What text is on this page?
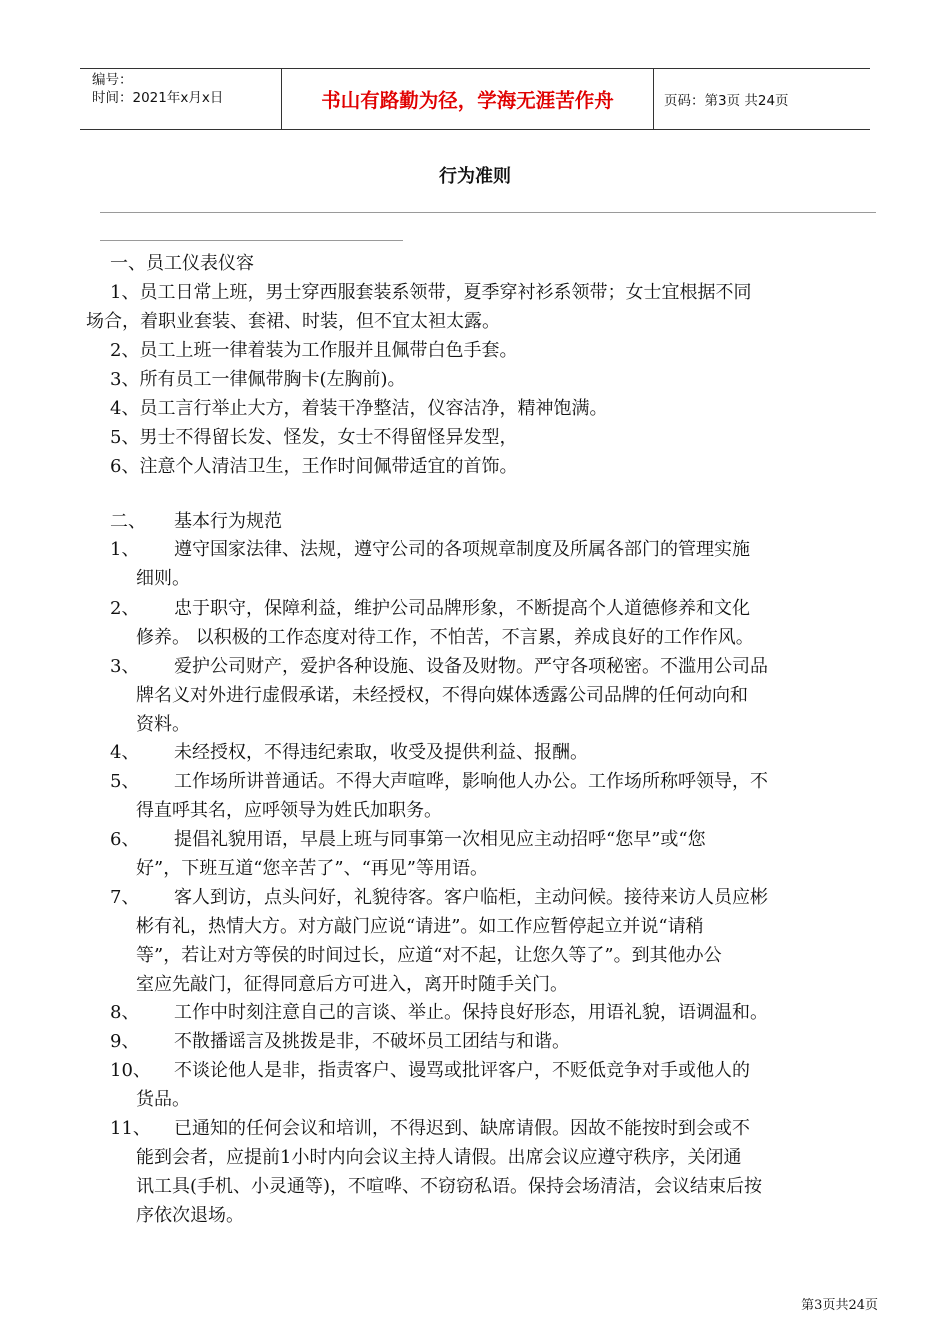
编号：
时间：2021年x月x日	书山有路勤为径，学海无涯苦作舟	页码：第3页 共24页
行为准则
一、员工仪表仪容
1、员工日常上班，男士穿西服套装系领带，夏季穿衬衫系领带；女士宜根据不同
场合，着职业套装、套裙、时装，但不宜太袒太露。
2、员工上班一律着装为工作服并且佩带白色手套。
3、所有员工一律佩带胸卡(左胸前)。
4、员工言行举止大方，着装干净整洁，仪容洁净，精神饱满。
5、男士不得留长发、怪发，女士不得留怪异发型，
6、注意个人清洁卫生，王作时间佩带适宜的首饰。
二、 基本行为规范
1、 遵守国家法律、法规，遵守公司的各项规章制度及所属各部门的管理实施
细则。
2、 忠于职守，保障利益，维护公司品牌形象，不断提高个人道德修养和文化
修养。 以积极的工作态度对待工作，不怕苦，不言累，养成良好的工作作风。
3、 爱护公司财产，爱护各种设施、设备及财物。严守各项秘密。不滥用公司品
牌名义对外进行虚假承诺，未经授权，不得向媒体透露公司品牌的任何动向和
资料。
4、 未经授权，不得违纪索取，收受及提供利益、报酬。
5、 工作场所讲普通话。不得大声喧哗，影响他人办公。工作场所称呼领导，不
得直呼其名，应呼领导为姓氏加职务。
6、 提倡礼貌用语，早晨上班与同事第一次相见应主动招呼“您早”或“您
好”，下班互道“您辛苦了”、“再见”等用语。
7、 客人到访，点头问好，礼貌待客。客户临柜，主动问候。接待来访人员应彬
彬有礼，热情大方。对方敲门应说“请进”。如工作应暂停起立并说“请稍
等”，若让对方等侯的时间过长，应道“对不起，让您久等了”。到其他办公
室应先敲门，征得同意后方可进入，离开时随手关门。
8、 工作中时刻注意自己的言谈、举止。保持良好形态，用语礼貌，语调温和。
9、 不散播谣言及挑拨是非，不破坏员工团结与和谐。
10、 不谈论他人是非，指责客户、谩骂或批评客户，不贬低竞争对手或他人的
货品。
11、 已通知的任何会议和培训，不得迟到、缺席请假。因故不能按时到会或不
能到会者，应提前1小时内向会议主持人请假。出席会议应遵守秩序，关闭通
讯工具(手机、小灵通等)，不喧哗、不窃窃私语。保持会场清洁，会议结束后按
序依次退场。
第3页共24页
